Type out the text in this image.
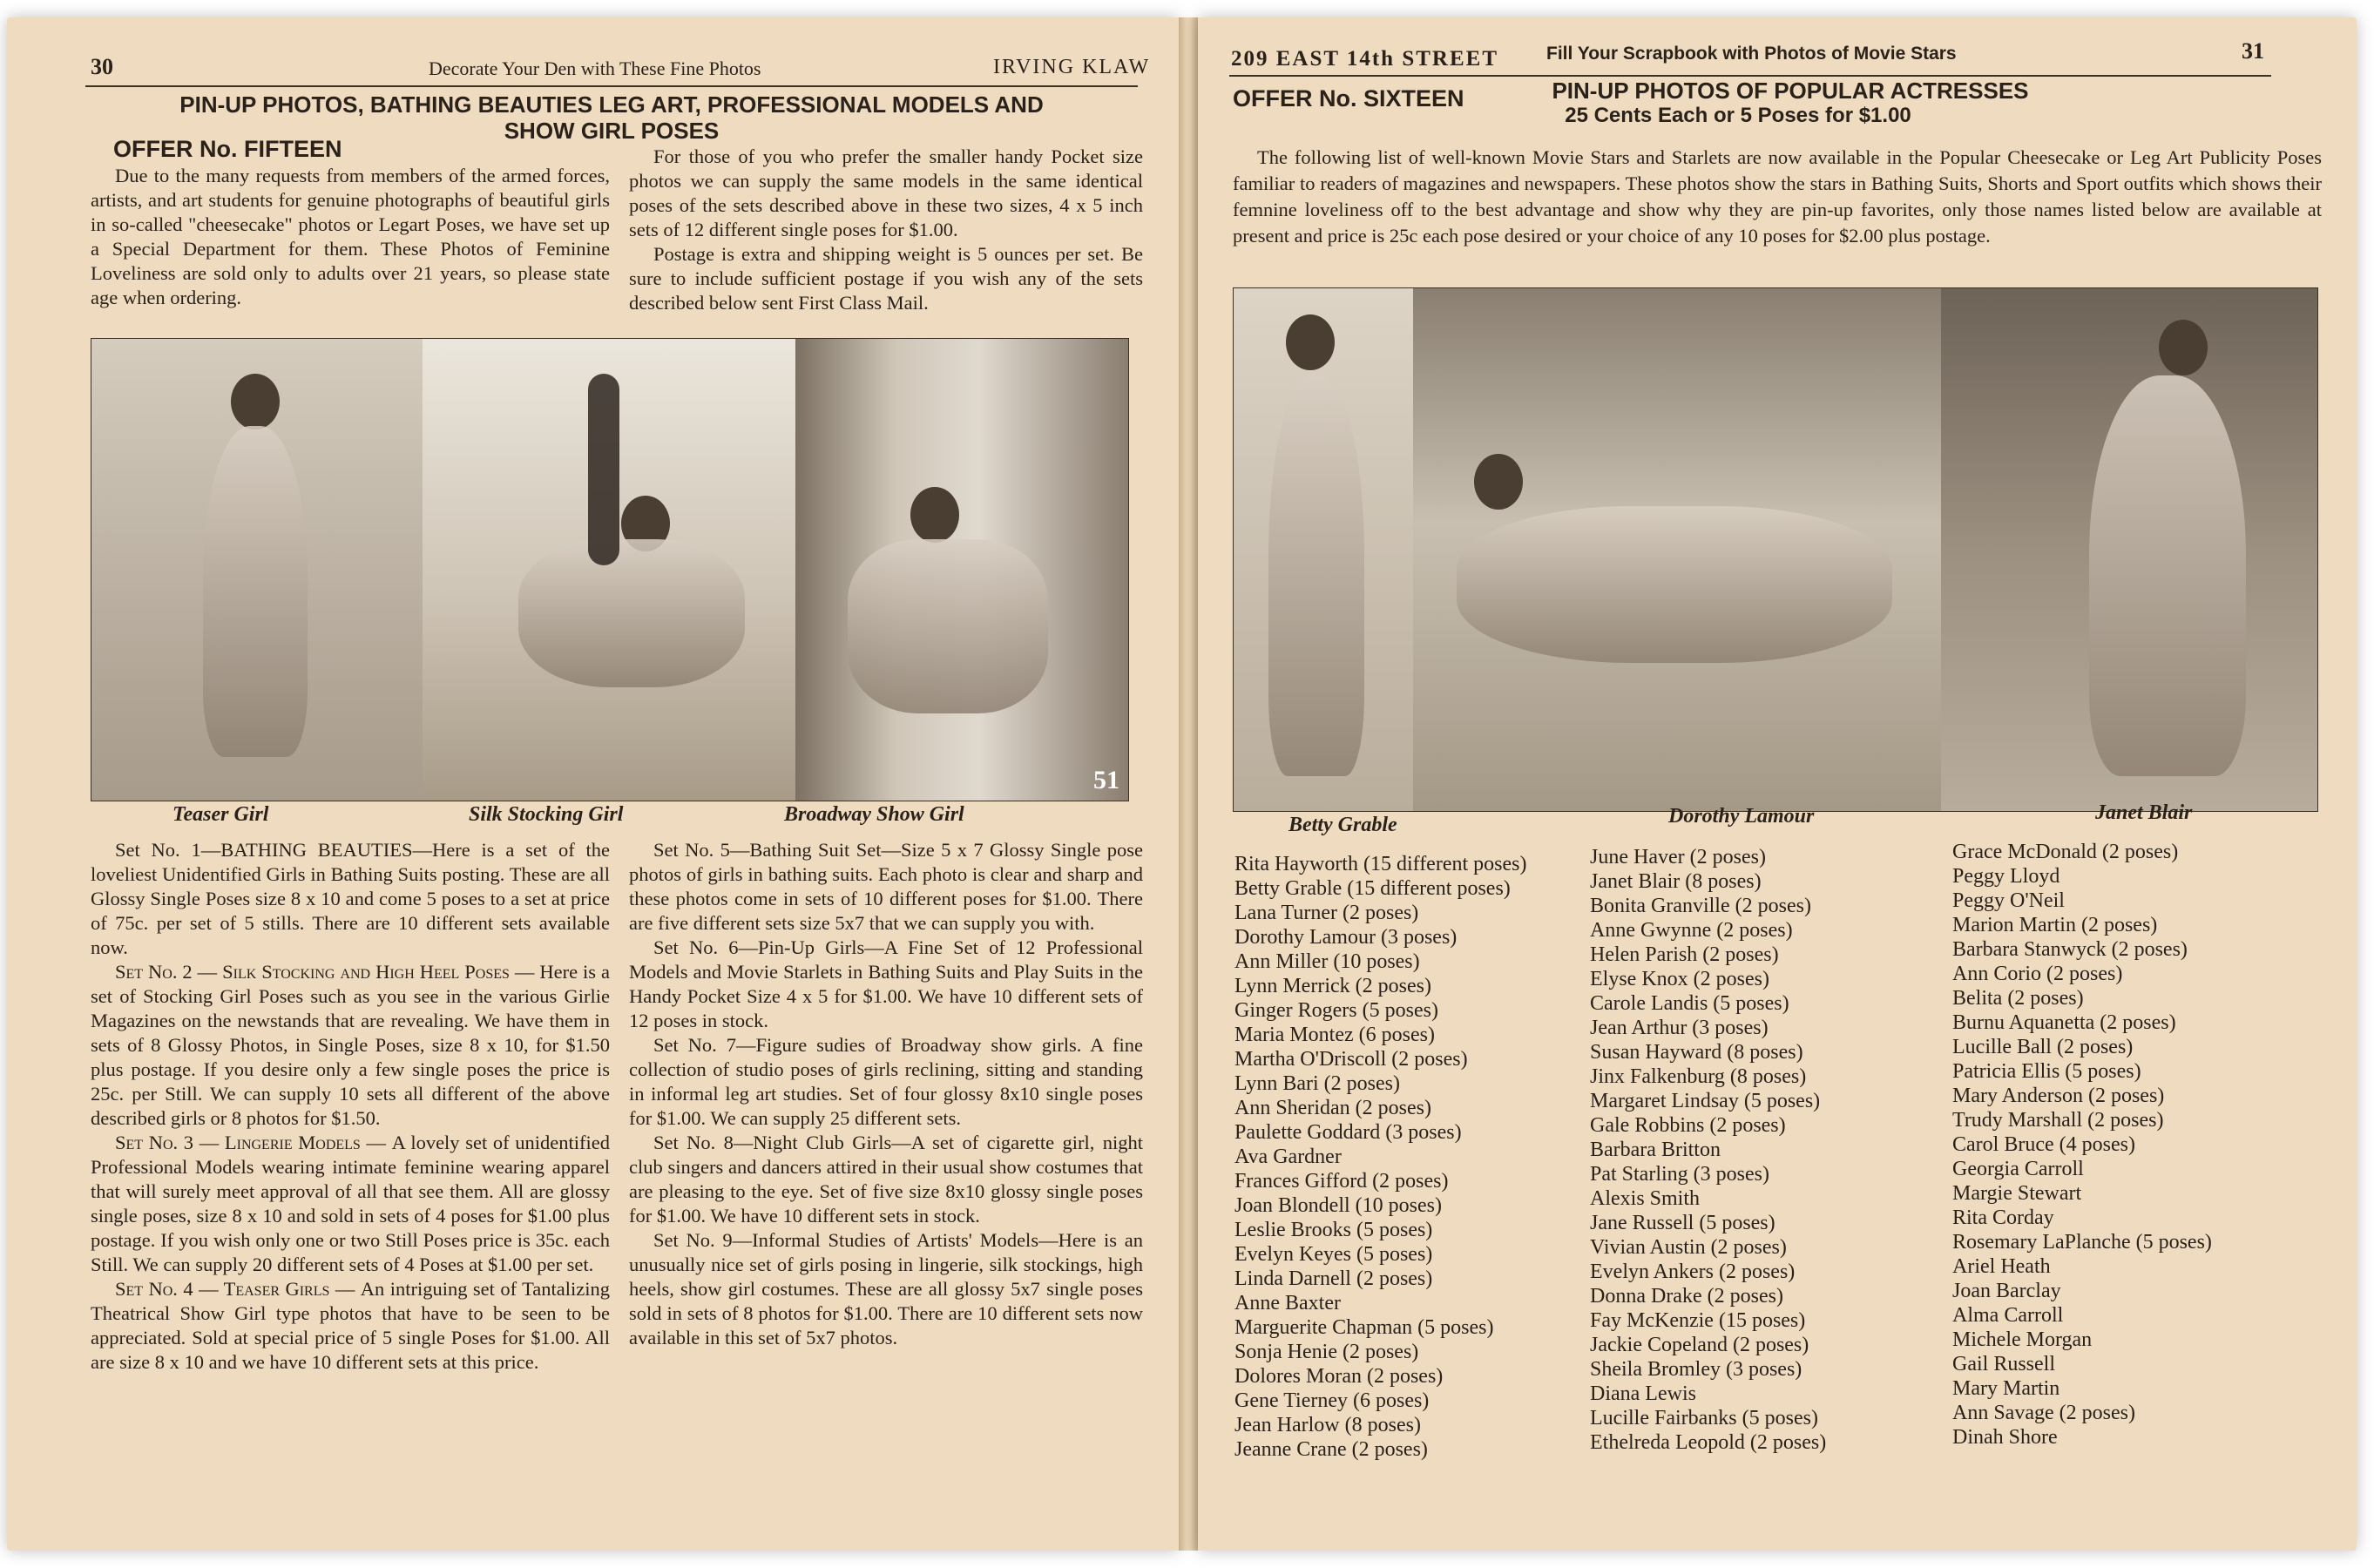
30	Decorate Your Den with These Fine Photos	IRVING KLAW
PIN-UP PHOTOS, BATHING BEAUTIES LEG ART, PROFESSIONAL MODELS AND
SHOW GIRL POSES
OFFER No. FIFTEEN

Due to the many requests from members of the armed forces, artists, and art students for genuine photographs of beautiful girls in so-called "cheesecake" photos or Legart Poses, we have set up a Special Department for them. These Photos of Feminine Loveliness are sold only to adults over 21 years, so please state age when ordering.

For those of you who prefer the smaller handy Pocket size photos we can supply the same models in the same identical poses of the sets described above in these two sizes, 4 x 5 inch sets of 12 different single poses for $1.00.

Postage is extra and shipping weight is 5 ounces per set. Be sure to include sufficient postage if you wish any of the sets described below sent First Class Mail.

51
Teaser Girl	Silk Stocking Girl	Broadway Show Girl

Set No. 1—BATHING BEAUTIES—Here is a set of the loveliest Unidentified Girls in Bathing Suits posting. These are all Glossy Single Poses size 8 x 10 and come 5 poses to a set at price of 75c. per set of 5 stills. There are 10 different sets available now.

Set No. 2 — Silk Stocking and High Heel Poses — Here is a set of Stocking Girl Poses such as you see in the various Girlie Magazines on the newstands that are revealing. We have them in sets of 8 Glossy Photos, in Single Poses, size 8 x 10, for $1.50 plus postage. If you desire only a few single poses the price is 25c. per Still. We can supply 10 sets all different of the above described girls or 8 photos for $1.50.

Set No. 3 — Lingerie Models — A lovely set of unidentified Professional Models wearing intimate feminine wearing apparel that will surely meet approval of all that see them. All are glossy single poses, size 8 x 10 and sold in sets of 4 poses for $1.00 plus postage. If you wish only one or two Still Poses price is 35c. each Still. We can supply 20 different sets of 4 Poses at $1.00 per set.

Set No. 4 — Teaser Girls — An intriguing set of Tantalizing Theatrical Show Girl type photos that have to be seen to be appreciated. Sold at special price of 5 single Poses for $1.00. All are size 8 x 10 and we have 10 different sets at this price.

Set No. 5—Bathing Suit Set—Size 5 x 7 Glossy Single pose photos of girls in bathing suits. Each photo is clear and sharp and these photos come in sets of 10 different poses for $1.00. There are five different sets size 5x7 that we can supply you with.

Set No. 6—Pin-Up Girls—A Fine Set of 12 Professional Models and Movie Starlets in Bathing Suits and Play Suits in the Handy Pocket Size 4 x 5 for $1.00. We have 10 different sets of 12 poses in stock.

Set No. 7—Figure sudies of Broadway show girls. A fine collection of studio poses of girls reclining, sitting and standing in informal leg art studies. Set of four glossy 8x10 single poses for $1.00. We can supply 25 different sets.

Set No. 8—Night Club Girls—A set of cigarette girl, night club singers and dancers attired in their usual show costumes that are pleasing to the eye. Set of five size 8x10 glossy single poses for $1.00. We have 10 different sets in stock.

Set No. 9—Informal Studies of Artists' Models—Here is an unusually nice set of girls posing in lingerie, silk stockings, high heels, show girl costumes. These are all glossy 5x7 single poses sold in sets of 8 photos for $1.00. There are 10 different sets now available in this set of 5x7 photos.

209 EAST 14th STREET	Fill Your Scrapbook with Photos of Movie Stars	31
OFFER No. SIXTEEN	PIN-UP PHOTOS OF POPULAR ACTRESSES
25 Cents Each or 5 Poses for $1.00

The following list of well-known Movie Stars and Starlets are now available in the Popular Cheesecake or Leg Art Publicity Poses familiar to readers of magazines and newspapers. These photos show the stars in Bathing Suits, Shorts and Sport outfits which shows their femnine loveliness off to the best advantage and show why they are pin-up favorites, only those names listed below are available at present and price is 25c each pose desired or your choice of any 10 poses for $2.00 plus postage.

Betty Grable	Dorothy Lamour	Janet Blair
Rita Hayworth (15 different poses)
Betty Grable (15 different poses)
Lana Turner (2 poses)
Dorothy Lamour (3 poses)
Ann Miller (10 poses)
Lynn Merrick (2 poses)
Ginger Rogers (5 poses)
Maria Montez (6 poses)
Martha O'Driscoll (2 poses)
Lynn Bari (2 poses)
Ann Sheridan (2 poses)
Paulette Goddard (3 poses)
Ava Gardner
Frances Gifford (2 poses)
Joan Blondell (10 poses)
Leslie Brooks (5 poses)
Evelyn Keyes (5 poses)
Linda Darnell (2 poses)
Anne Baxter
Marguerite Chapman (5 poses)
Sonja Henie (2 poses)
Dolores Moran (2 poses)
Gene Tierney (6 poses)
Jean Harlow (8 poses)
Jeanne Crane (2 poses)
June Haver (2 poses)
Janet Blair (8 poses)
Bonita Granville (2 poses)
Anne Gwynne (2 poses)
Helen Parish (2 poses)
Elyse Knox (2 poses)
Carole Landis (5 poses)
Jean Arthur (3 poses)
Susan Hayward (8 poses)
Jinx Falkenburg (8 poses)
Margaret Lindsay (5 poses)
Gale Robbins (2 poses)
Barbara Britton
Pat Starling (3 poses)
Alexis Smith
Jane Russell (5 poses)
Vivian Austin (2 poses)
Evelyn Ankers (2 poses)
Donna Drake (2 poses)
Fay McKenzie (15 poses)
Jackie Copeland (2 poses)
Sheila Bromley (3 poses)
Diana Lewis
Lucille Fairbanks (5 poses)
Ethelreda Leopold (2 poses)
Grace McDonald (2 poses)
Peggy Lloyd
Peggy O'Neil
Marion Martin (2 poses)
Barbara Stanwyck (2 poses)
Ann Corio (2 poses)
Belita (2 poses)
Burnu Aquanetta (2 poses)
Lucille Ball (2 poses)
Patricia Ellis (5 poses)
Mary Anderson (2 poses)
Trudy Marshall (2 poses)
Carol Bruce (4 poses)
Georgia Carroll
Margie Stewart
Rita Corday
Rosemary LaPlanche (5 poses)
Ariel Heath
Joan Barclay
Alma Carroll
Michele Morgan
Gail Russell
Mary Martin
Ann Savage (2 poses)
Dinah Shore
